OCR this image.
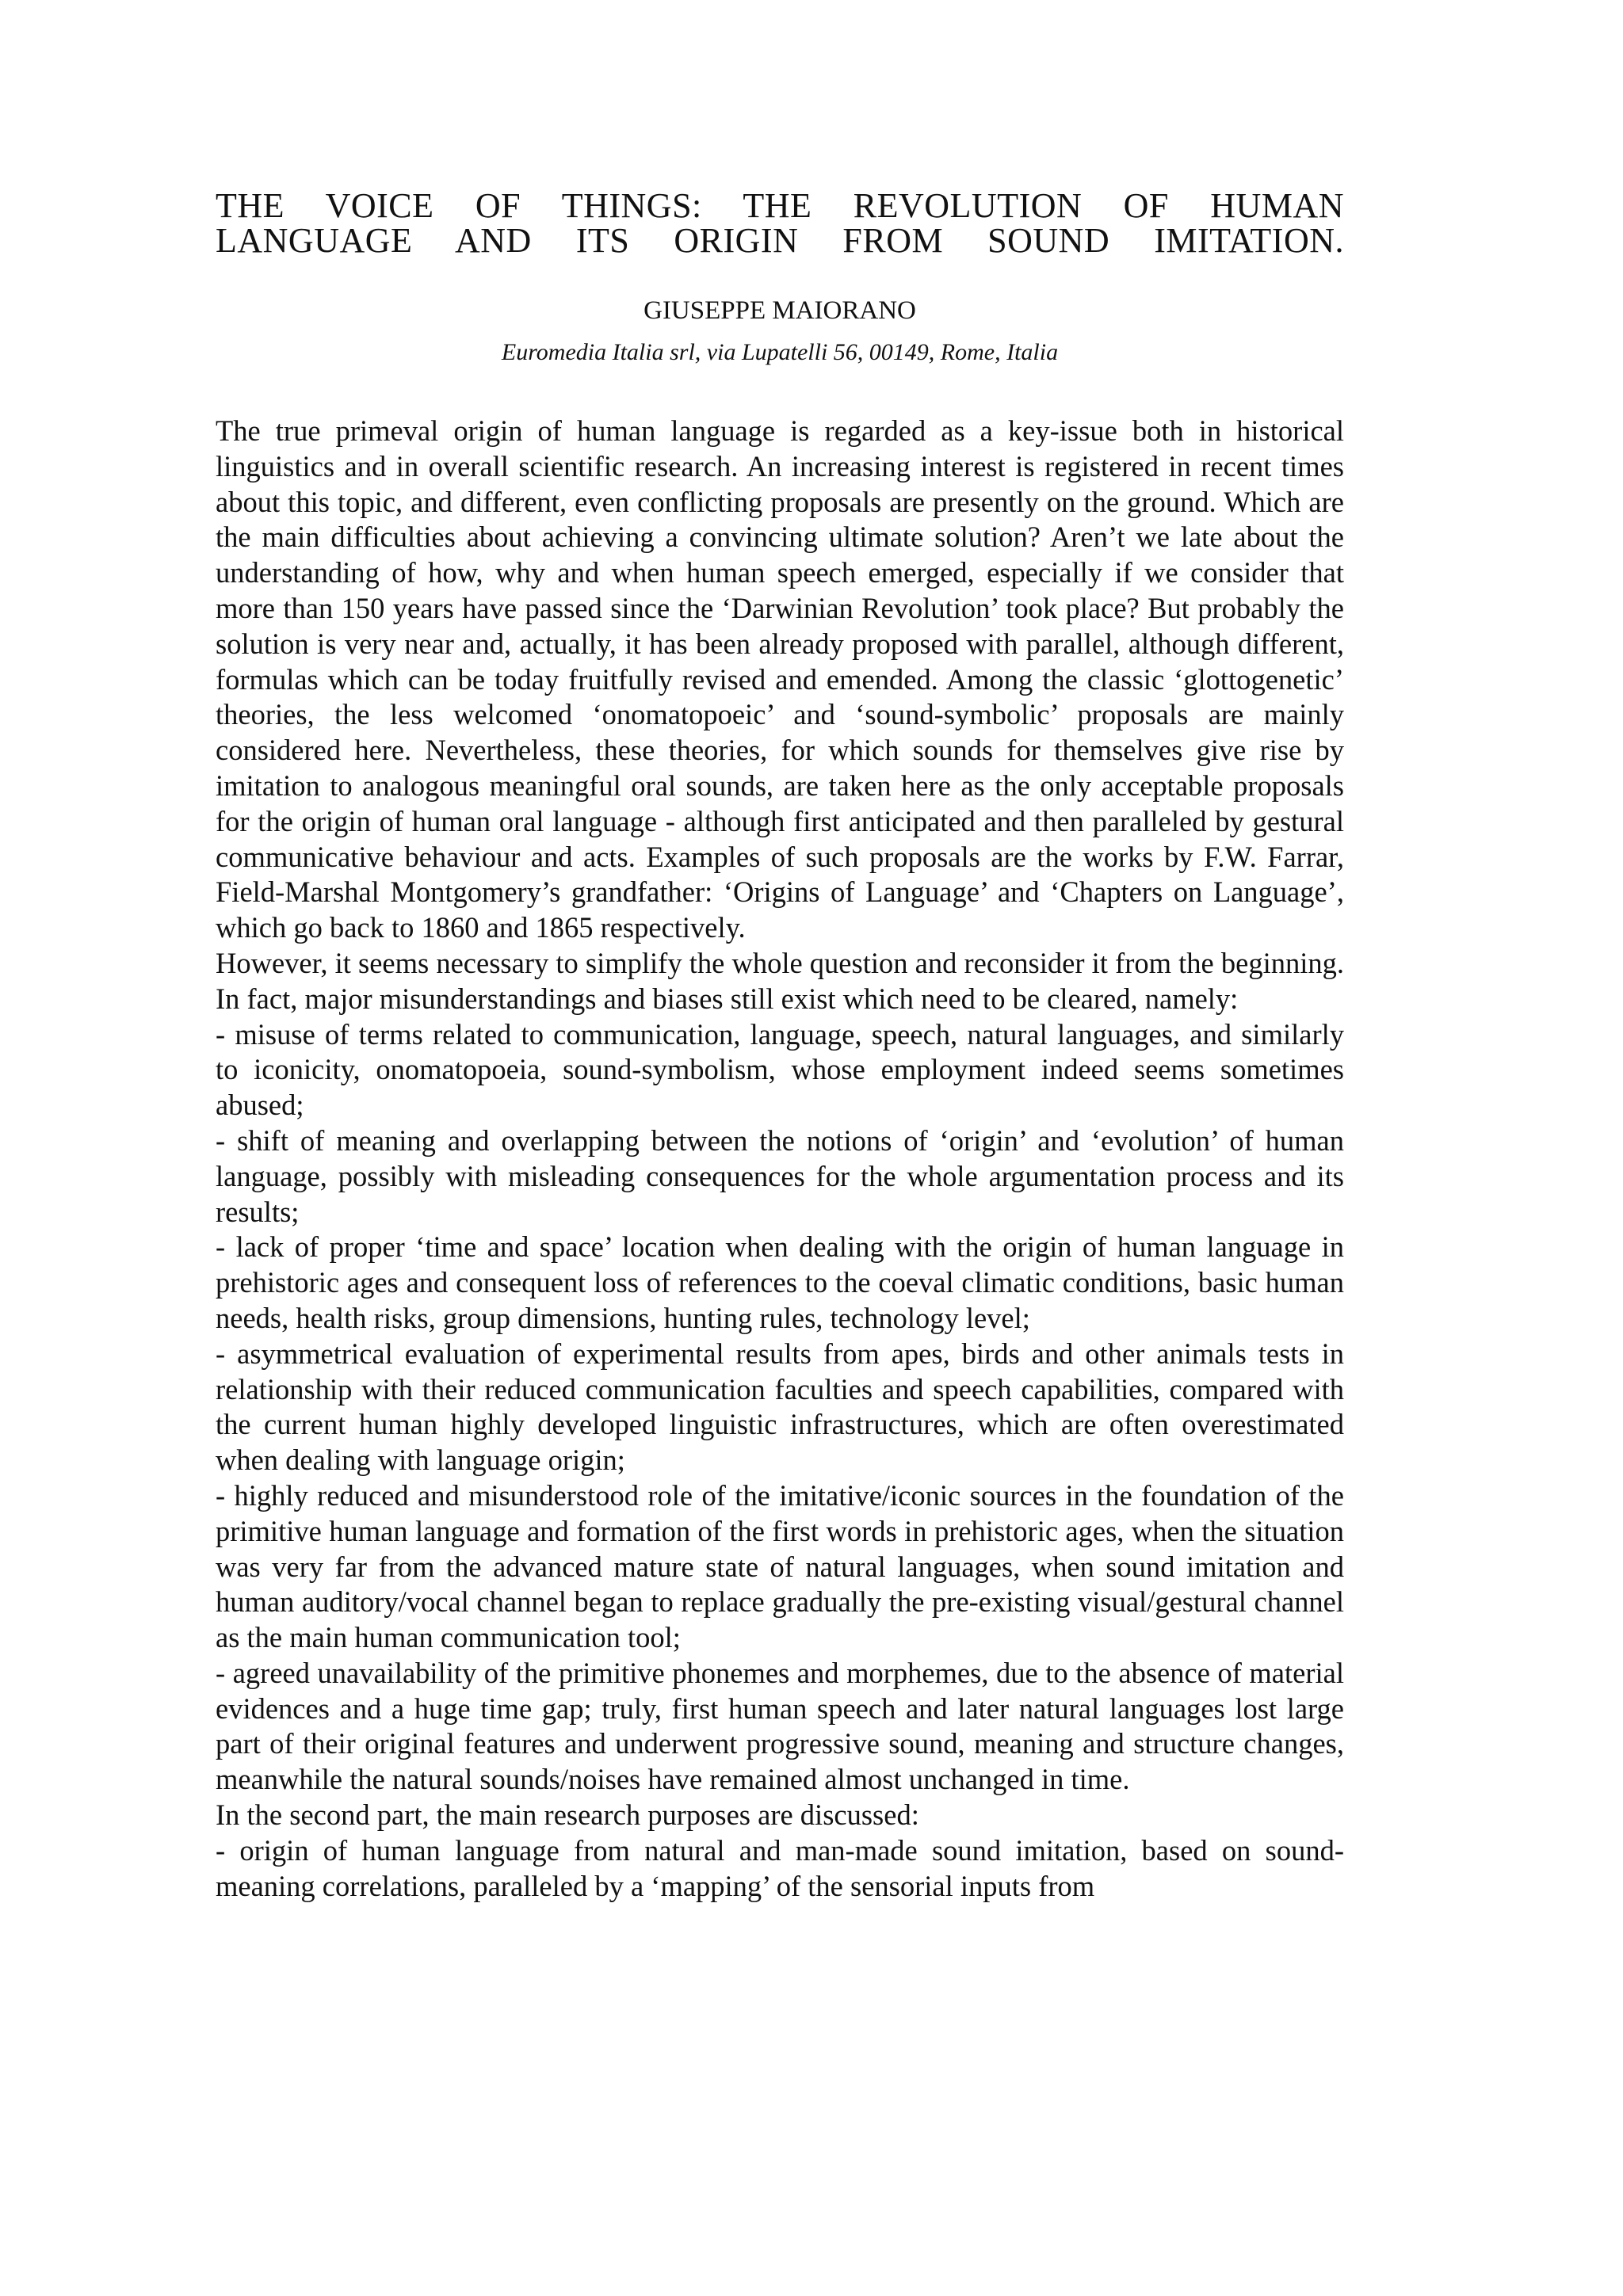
THE VOICE OF THINGS: THE REVOLUTION OF HUMAN
LANGUAGE AND ITS ORIGIN FROM SOUND IMITATION.
GIUSEPPE MAIORANO
Euromedia Italia srl, via Lupatelli 56, 00149, Rome, Italia

The true primeval origin of human language is regarded as a key-issue both in historical linguistics and in overall scientific research. An increasing interest is registered in recent times about this topic, and different, even conflicting proposals are presently on the ground. Which are the main difficulties about achieving a convincing ultimate solution? Aren’t we late about the understanding of how, why and when human speech emerged, especially if we consider that more than 150 years have passed since the ‘Darwinian Revolution’ took place? But probably the solution is very near and, actually, it has been already proposed with parallel, although different, formulas which can be today fruitfully revised and emended. Among the classic ‘glottogenetic’ theories, the less welcomed ‘onomatopoeic’ and ‘sound-symbolic’ proposals are mainly considered here. Nevertheless, these theories, for which sounds for themselves give rise by imitation to analogous meaningful oral sounds, are taken here as the only acceptable proposals for the origin of human oral language - although first anticipated and then paralleled by gestural communicative behaviour and acts. Examples of such proposals are the works by F.W. Farrar, Field-Marshal Montgomery’s grandfather: ‘Origins of Language’ and ‘Chapters on Language’, which go back to 1860 and 1865 respectively.

However, it seems necessary to simplify the whole question and reconsider it from the beginning. In fact, major misunderstandings and biases still exist which need to be cleared, namely:

- misuse of terms related to communication, language, speech, natural languages, and similarly to iconicity, onomatopoeia, sound-symbolism, whose employment indeed seems sometimes abused;

- shift of meaning and overlapping between the notions of ‘origin’ and ‘evolution’ of human language, possibly with misleading consequences for the whole argumentation process and its results;

- lack of proper ‘time and space’ location when dealing with the origin of human language in prehistoric ages and consequent loss of references to the coeval climatic conditions, basic human needs, health risks, group dimensions, hunting rules, technology level;

- asymmetrical evaluation of experimental results from apes, birds and other animals tests in relationship with their reduced communication faculties and speech capabilities, compared with the current human highly developed linguistic infrastructures, which are often overestimated when dealing with language origin;

- highly reduced and misunderstood role of the imitative/iconic sources in the foundation of the primitive human language and formation of the first words in prehistoric ages, when the situation was very far from the advanced mature state of natural languages, when sound imitation and human auditory/vocal channel began to replace gradually the pre-existing visual/gestural channel as the main human communication tool;

- agreed unavailability of the primitive phonemes and morphemes, due to the absence of material evidences and a huge time gap; truly, first human speech and later natural languages lost large part of their original features and underwent progressive sound, meaning and structure changes, meanwhile the natural sounds/noises have remained almost unchanged in time.

In the second part, the main research purposes are discussed:

- origin of human language from natural and man-made sound imitation, based on sound-meaning correlations, paralleled by a ‘mapping’ of the sensorial inputs from
